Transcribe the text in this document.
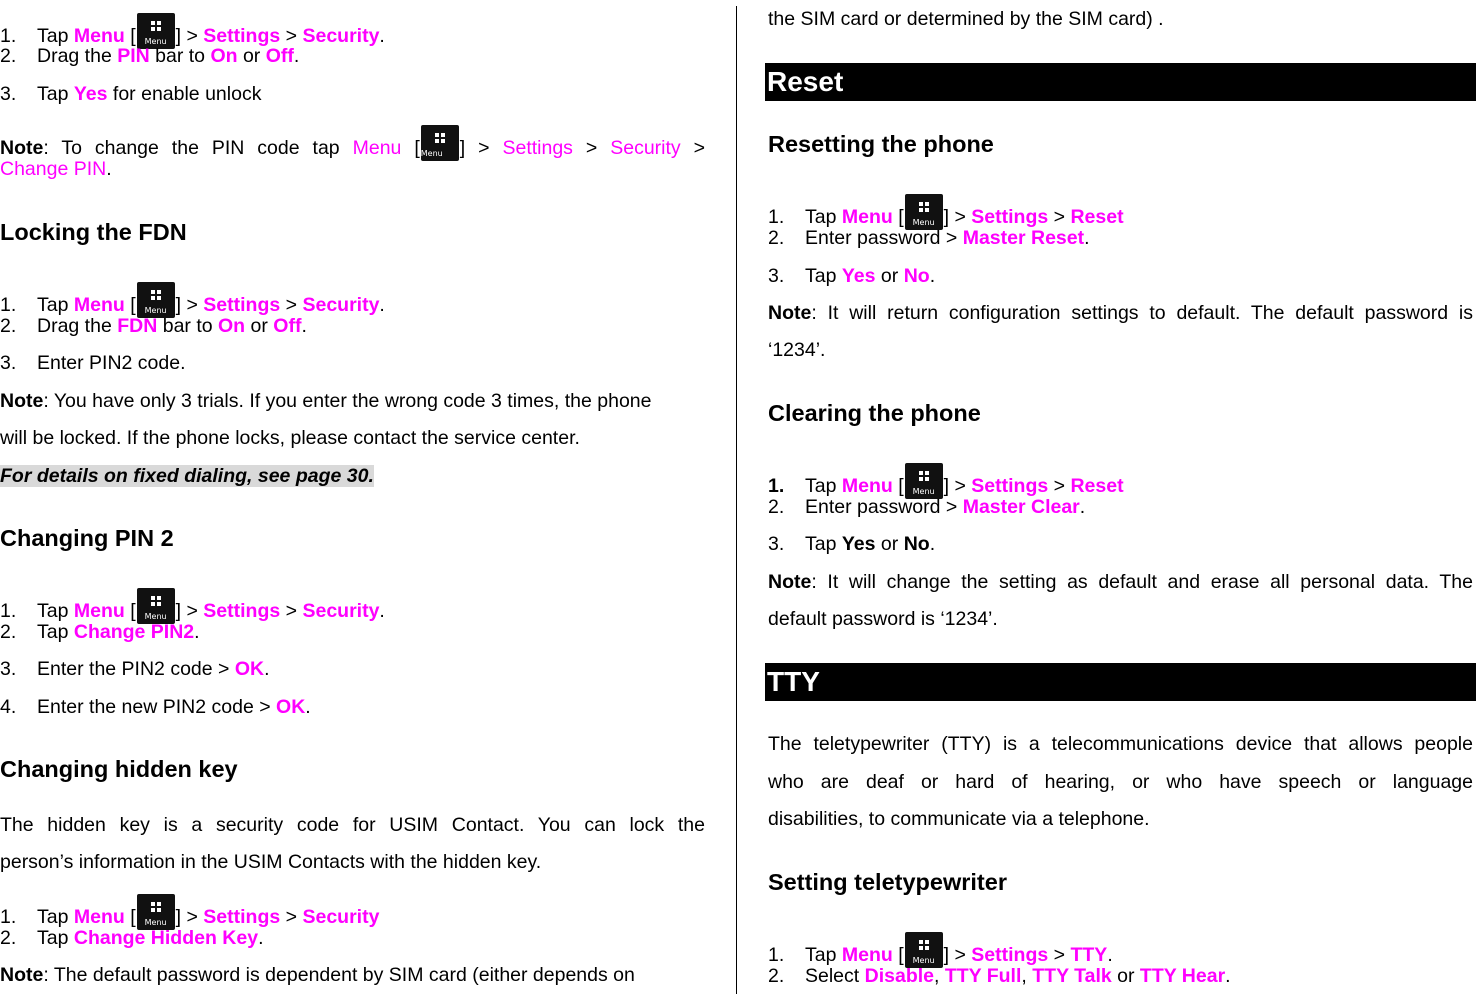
1. Tap Menu [	Menu ] > Settings > Security.
2. Drag the PIN bar to On or Off.
3. Tap Yes for enable unlock
Note: To change the PIN code tap Menu [ Menu ] > Settings > Security >
Change PIN.
Locking the FDN
1. Tap Menu [	Menu ] > Settings > Security.
2. Drag the FDN bar to On or Off.
3. Enter PIN2 code.
Note: You have only 3 trials. If you enter the wrong code 3 times, the phone
will be locked. If the phone locks, please contact the service center.
For details on fixed dialing, see page 30.
Changing PIN 2
1. Tap Menu [	Menu ] > Settings > Security.
2. Tap Change PIN2.
3. Enter the PIN2 code > OK.
4. Enter the new PIN2 code > OK.
Changing hidden key
The hidden key is a security code for USIM Contact. You can lock the
person’s information in the USIM Contacts with the hidden key.
1. Tap Menu [	Menu ] > Settings > Security
2. Tap Change Hidden Key.
Note: The default password is dependent by SIM card (either depends on
the SIM card or determined by the SIM card) .
Reset
Resetting the phone
1. Tap Menu [	Menu ] > Settings > Reset
2. Enter password > Master Reset.
3. Tap Yes or No.
Note: It will return configuration settings to default. The default password is
‘1234’.
Clearing the phone
1. Tap Menu [	Menu ] > Settings > Reset
2. Enter password > Master Clear.
3. Tap Yes or No.
Note: It will change the setting as default and erase all personal data. The
default password is ‘1234’.
TTY
The teletypewriter (TTY) is a telecommunications device that allows people
who are deaf or hard of hearing, or who have speech or language
disabilities, to communicate via a telephone.
Setting teletypewriter
1. Tap Menu [	Menu ] > Settings > TTY.
2. Select Disable, TTY Full, TTY Talk or TTY Hear.
